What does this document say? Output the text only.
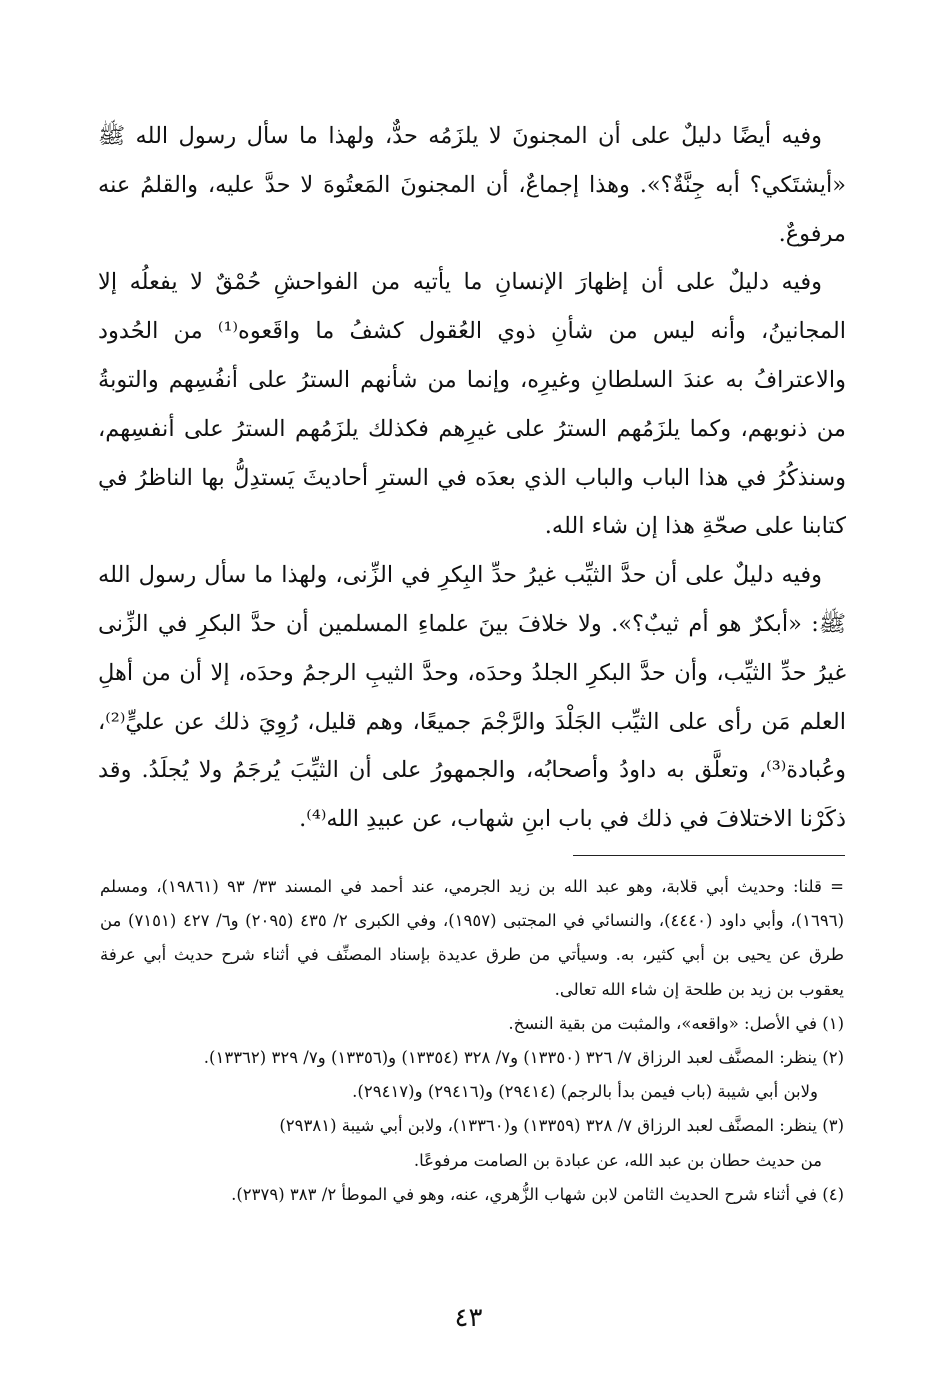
وفيه أيضًا دليلٌ على أن المجنونَ لا يلزَمُه حدٌّ، ولهذا ما سأل رسول الله ﷺ «أيشتَكي؟ أبه جِنَّةٌ؟». وهذا إجماعٌ، أن المجنونَ المَعتُوهَ لا حدَّ عليه، والقلمُ عنه مرفوعٌ.

وفيه دليلٌ على أن إظهارَ الإنسانِ ما يأتيه من الفواحشِ حُمْقٌ لا يفعلُه إلا المجانينُ، وأنه ليس من شأنِ ذوي العُقول كشفُ ما واقَعوه⁽¹⁾ من الحُدود والاعترافُ به عندَ السلطانِ وغيرِه، وإنما من شأنهم السترُ على أنفُسِهم والتوبةُ من ذنوبهم، وكما يلزَمُهم السترُ على غيرِهم فكذلك يلزَمُهم السترُ على أنفسِهم، وسنذكُرُ في هذا الباب والباب الذي بعدَه في السترِ أحاديثَ يَستدِلُّ بها الناظرُ في كتابنا على صحّةِ هذا إن شاء الله.

وفيه دليلٌ على أن حدَّ الثيِّب غيرُ حدِّ البِكرِ في الزِّنى، ولهذا ما سأل رسول الله ﷺ: «أبكرٌ هو أم ثيبٌ؟». ولا خلافَ بينَ علماءِ المسلمين أن حدَّ البكرِ في الزِّنى غيرُ حدِّ الثيِّب، وأن حدَّ البكرِ الجلدُ وحدَه، وحدَّ الثيبِ الرجمُ وحدَه، إلا أن من أهلِ العلم مَن رأى على الثيِّب الجَلْدَ والرَّجْمَ جميعًا، وهم قليل، رُوِيَ ذلك عن عليٍّ⁽²⁾، وعُبادة⁽³⁾، وتعلَّق به داودُ وأصحابُه، والجمهورُ على أن الثيِّبَ يُرجَمُ ولا يُجلَدُ. وقد ذكَرْنا الاختلافَ في ذلك في باب ابنِ شهاب، عن عبيدِ الله⁽⁴⁾.

= قلنا: وحديث أبي قلابة، وهو عبد الله بن زيد الجرمي، عند أحمد في المسند ٣٣/ ٩٣ (١٩٨٦١)، ومسلم (١٦٩٦)، وأبي داود (٤٤٤٠)، والنسائي في المجتبى (١٩٥٧)، وفي الكبرى ٢/ ٤٣٥ (٢٠٩٥) و٦/ ٤٢٧ (٧١٥١) من طرق عن يحيى بن أبي كثير، به. وسيأتي من طرق عديدة بإسناد المصنِّف في أثناء شرح حديث أبي عرفة يعقوب بن زيد بن طلحة إن شاء الله تعالى.

(١) في الأصل: «واقعه»، والمثبت من بقية النسخ.

(٢) ينظر: المصنَّف لعبد الرزاق ٧/ ٣٢٦ (١٣٣٥٠) و٧/ ٣٢٨ (١٣٣٥٤) و(١٣٣٥٦) و٧/ ٣٢٩ (١٣٣٦٢).

ولابن أبي شيبة (باب فيمن بدأ بالرجم) (٢٩٤١٤) و(٢٩٤١٦) و(٢٩٤١٧).

(٣) ينظر: المصنَّف لعبد الرزاق ٧/ ٣٢٨ (١٣٣٥٩) و(١٣٣٦٠)، ولابن أبي شيبة (٢٩٣٨١)

من حديث حطان بن عبد الله، عن عبادة بن الصامت مرفوعًا.

(٤) في أثناء شرح الحديث الثامن لابن شهاب الزُّهري، عنه، وهو في الموطأ ٢/ ٣٨٣ (٢٣٧٩).

٤٣
